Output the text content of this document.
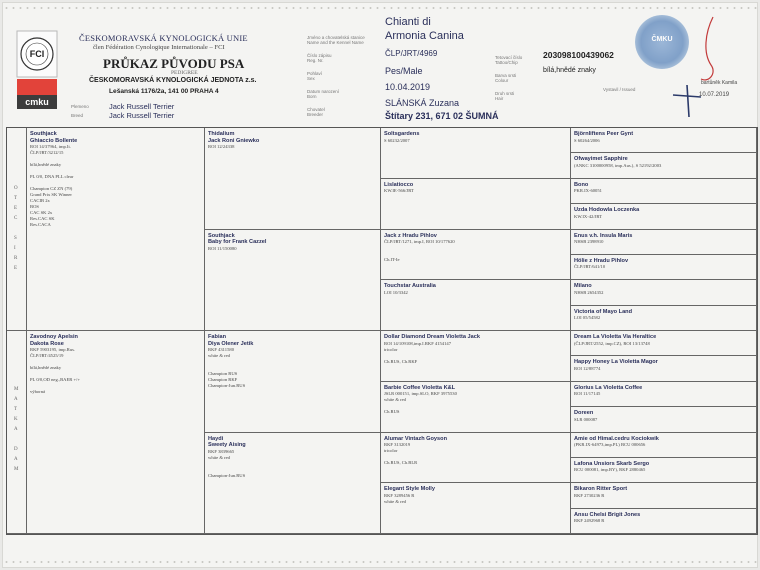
FCI
cmku
ČESKOMORAVSKÁ KYNOLOGICKÁ UNIE
člen Fédération Cynologique Internationale – FCI
PRŮKAZ PŮVODU PSA
PEDIGREE
ČESKOMORAVSKÁ KYNOLOGICKÁ JEDNOTA z.s.
Lešanská 1176/2a, 141 00 PRAHA 4
Plemeno
Breed
Jack Russell Terrier
Jack Russell Terrier
Jméno a chovatelská stanice
Name and the Kennel Name
Číslo zápisu
Reg. Nr.
Pohlaví
Sex
Datum narození
Born
Chovatel
Breeder
Chianti di
Armonia Canina
ČLP/JRT/4969
Pes/Male
10.04.2019
SLÁNSKÁ Zuzana
Štítary 231, 671 02 ŠUMNÁ
Tetovací číslo
Tattoo/Chip
Barva srsti
Colour
Druh srsti
Hair
203098100439062
bílá,hnědé znaky
ČMKU
Vystavil / Issued
bartůněk Kamila
10.07.2019
O
T
E
C
S
I
R
E
M
A
T
K
A
D
A
M
Southjack
Ghiaccio Bollente
ROI 14/37964, imp.It.
ČLP/JRT/3212/15

bílá,hnědé znaky

PL 0/0, DNA PLL clear

Champion CZ ZN (79)
Grand Prix SK Winner
CACIB 2x
BOS
CAC SK 2x
Res.CAC SK
Res.CACA
Zavodnoy Apelsin
Dakota Rose
RKF 5903195, imp.Rus.
ČLP/JRT/4525/19

bílá,hnědé znaky

PL 0/0,OD neg.,BAER +/+

výborná
Thidalium
Jack Roni Gniewko
ROI 12/24338
Southjack
Baby for Frank Cazzel
ROI 11/150080
Fabian
Diya Olener Jetik
RKF 4311580
white & red

Champion RUS
Champion RKF
Champion-Jun.RUS
Haydi
Sweety Aising
RKF 3839665
white & red

Champion-Jun.RUS
Soltsgardens
S 60232/2007
Lislatiocco
KW.IE-566/JRT
Jack z Hradu Pihlov
ČLP/JRT/1271, imp.I, ROI 10/177620

Ch.IT-Ie
Touchstar Australia
LOI 10/3342
Dollar Diamond Dream Violetta Jack
ROI 14/109108,imp.I.RKF 4154147
tricolor

Ch.RUS, Ch.RKF
Barbie Coffee Violetta K&L
JSLR 000151, imp.SLO, RKF 3975530
white & red

Ch.RUS
Alumar Vintazh Goyson
RKF 3132019
tricolor

Ch.RUS, Ch.BLR
Elegant Style Molly
RKF 3289456 R
white & red
Björnliftens Peer Gynt
S 60264/2006
Ofwayimet Sapphire
(ANKC 3100000958, imp.Aus.), S 52192/2003
Bono
PKR.IX-60051
Uzda Hodowla Loczenka
KW.IX-42/JRT
Enus v.h. Insula Maris
NHSB 2398910
Hölie z Hradu Pihlov
ČLP/JRT/641/10
Milano
NHSB 2654352
Victoria of Mayo Land
LOI 05/54582
Dream La Violetta Via Heraltice
(ČLP/JRT/2552, imp.CZ), ROI 13/13748
Happy Honey La Violetta Magor
ROI 12/88774
Glorius La Violetta Coffee
ROI 11/17145
Doreen
SLR 000087
Amie od Himal.cedru Kociokwik
(PKR.IX-64973,imp.PL) BCU 000656
Lafona Unsiors Skarb Sergo
BCU 000081, imp.BY), RKF 2880465
Bikaron Ritter Sport
RKF 2730236 R
Ansu Chelsi Brigit Jones
RKF 2492968 R
